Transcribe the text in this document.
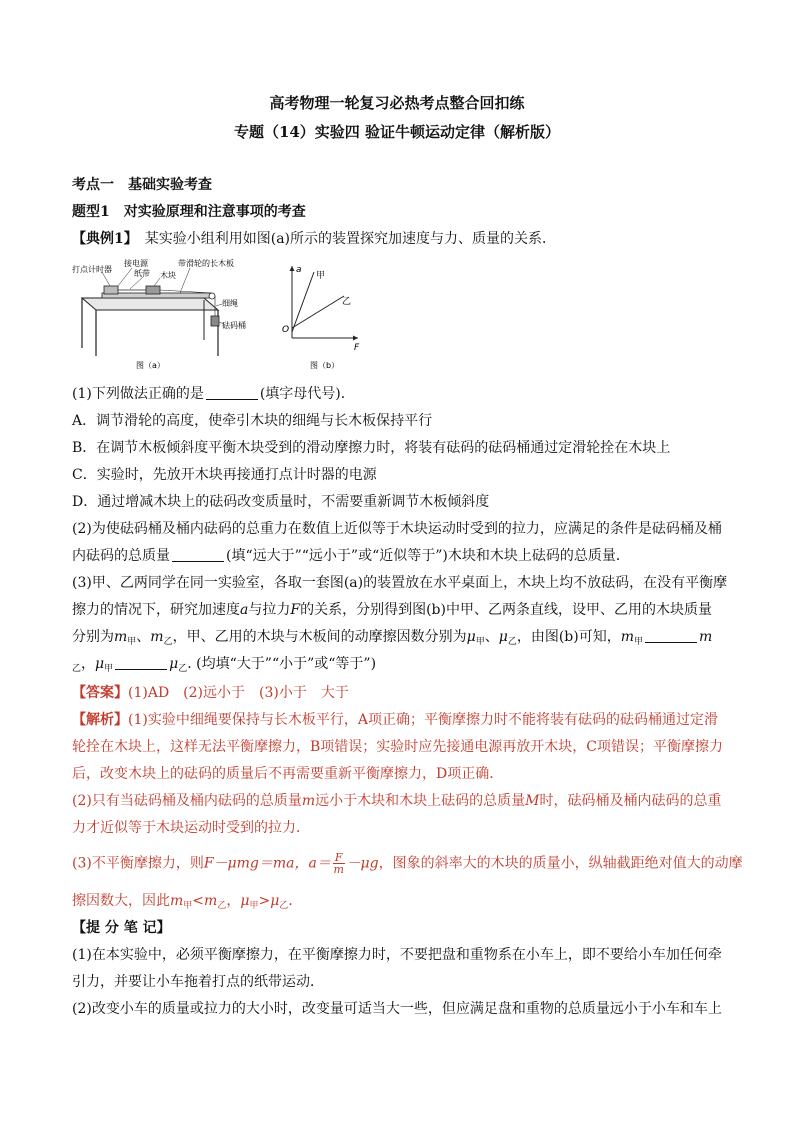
高考物理一轮复习必热考点整合回扣练
专题（14）实验四 验证牛顿运动定律（解析版）
考点一　基础实验考查
题型1　对实验原理和注意事项的考查
【典例1】　某实验小组利用如图(a)所示的装置探究加速度与力、质量的关系．
打点计时器
接电源
纸带 木块
带滑轮的长木板
细绳
砝码桶
图（a）
a
F
O
甲
乙
图（b）
(1)下列做法正确的是	(填字母代号)．
A．调节滑轮的高度，使牵引木块的细绳与长木板保持平行
B．在调节木板倾斜度平衡木块受到的滑动摩擦力时，将装有砝码的砝码桶通过定滑轮拴在木块上
C．实验时，先放开木块再接通打点计时器的电源
D．通过增减木块上的砝码改变质量时，不需要重新调节木板倾斜度
(2)为使砝码桶及桶内砝码的总重力在数值上近似等于木块运动时受到的拉力，应满足的条件是砝码桶及桶
内砝码的总质量	(填“远大于”“远小于”或“近似等于”)木块和木块上砝码的总质量．
(3)甲、乙两同学在同一实验室，各取一套图(a)的装置放在水平桌面上，木块上均不放砝码，在没有平衡摩
擦力的情况下，研究加速度a与拉力F的关系，分别得到图(b)中甲、乙两条直线，设甲、乙用的木块质量
分别为$m_甲$、$m_乙$，甲、乙用的木块与木板间的动摩擦因数分别为$\mu_甲$、$\mu_乙$，由图(b)可知，$m_甲$	m
$_乙$，$\mu_甲$	$\mu_乙$. (均填“大于”“小于”或“等于”)
【答案】(1)AD　(2)远小于　(3)小于　大于
【解析】(1)实验中细绳要保持与长木板平行，A项正确；平衡摩擦力时不能将装有砝码的砝码桶通过定滑
轮拴在木块上，这样无法平衡摩擦力，B项错误；实验时应先接通电源再放开木块，C项错误；平衡摩擦力
后，改变木块上的砝码的质量后不再需要重新平衡摩擦力，D项正确．
(2)只有当砝码桶及桶内砝码的总质量m远小于木块和木块上砝码的总质量M时，砝码桶及桶内砝码的总重
力才近似等于木块运动时受到的拉力．
(3)不平衡摩擦力，则F－μmg＝ma，$a= \frac{F}{m} -\mu g$，图象的斜率大的木块的质量小，纵轴截距绝对值大的动摩
擦因数大，因此$m_甲<m_乙$，$\mu_甲>\mu_乙$．
【提 分 笔 记】
(1)在本实验中，必须平衡摩擦力，在平衡摩擦力时，不要把盘和重物系在小车上，即不要给小车加任何牵
引力，并要让小车拖着打点的纸带运动．
(2)改变小车的质量或拉力的大小时，改变量可适当大一些，但应满足盘和重物的总质量远小于小车和车上
